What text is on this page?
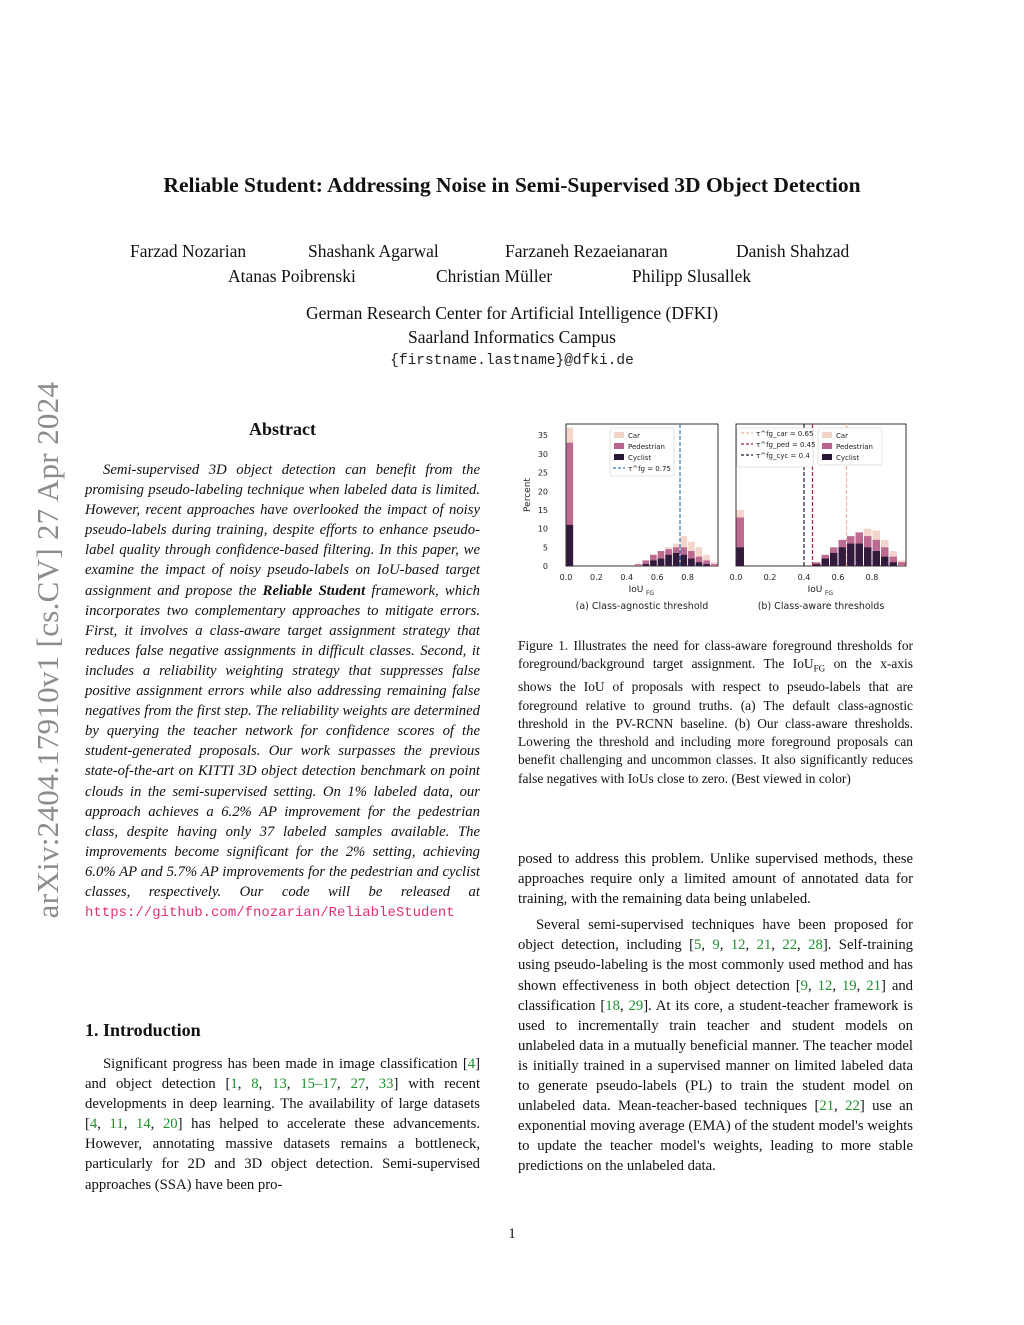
arXiv:2404.17910v1 [cs.CV] 27 Apr 2024
Reliable Student: Addressing Noise in Semi-Supervised 3D Object Detection
Farzad Nozarian	Shashank Agarwal	Farzaneh Rezaeianaran	Danish Shahzad
Atanas Poibrenski	Christian Müller	Philipp Slusallek
German Research Center for Artificial Intelligence (DFKI)
Saarland Informatics Campus
{firstname.lastname}@dfki.de
Abstract

Semi-supervised 3D object detection can benefit from the promising pseudo-labeling technique when labeled data is limited. However, recent approaches have overlooked the impact of noisy pseudo-labels during training, despite efforts to enhance pseudo-label quality through confidence-based filtering. In this paper, we examine the impact of noisy pseudo-labels on IoU-based target assignment and propose the Reliable Student framework, which incorporates two complementary approaches to mitigate errors. First, it involves a class-aware target assignment strategy that reduces false negative assignments in difficult classes. Second, it includes a reliability weighting strategy that suppresses false positive assignment errors while also addressing remaining false negatives from the first step. The reliability weights are determined by querying the teacher network for confidence scores of the student-generated proposals. Our work surpasses the previous state-of-the-art on KITTI 3D object detection benchmark on point clouds in the semi-supervised setting. On 1% labeled data, our approach achieves a 6.2% AP improvement for the pedestrian class, despite having only 37 labeled samples available. The improvements become significant for the 2% setting, achieving 6.0% AP and 5.7% AP improvements for the pedestrian and cyclist classes, respectively. Our code will be released at https://github.com/fnozarian/ReliableStudent

1. Introduction

Significant progress has been made in image classification [4] and object detection [1, 8, 13, 15–17, 27, 33] with recent developments in deep learning. The availability of large datasets [4, 11, 14, 20] has helped to accelerate these advancements. However, annotating massive datasets remains a bottleneck, particularly for 2D and 3D object detection. Semi-supervised approaches (SSA) have been pro-

0
5
10
15
20
25
30
35
Percent
0.0 0.2 0.4 0.6 0.8
IoU FG
(a) Class-agnostic threshold
Car
Pedestrian
Cyclist
τ^fg = 0.75
0.0	0.2	0.4	0.6	0.8
IoU FG
(b) Class-aware thresholds
Car
Pedestrian
Cyclist
τ^fg_car = 0.65
τ^fg_ped = 0.45
τ^fg_cyc = 0.4

Figure 1. Illustrates the need for class-aware foreground thresholds for foreground/background target assignment. The IoU$_{FG}$ on the x-axis shows the IoU of proposals with respect to pseudo-labels that are foreground relative to ground truths. (a) The default class-agnostic threshold in the PV-RCNN baseline. (b) Our class-aware thresholds. Lowering the threshold and including more foreground proposals can benefit challenging and uncommon classes. It also significantly reduces false negatives with IoUs close to zero. (Best viewed in color)

posed to address this problem. Unlike supervised methods, these approaches require only a limited amount of annotated data for training, with the remaining data being unlabeled.

Several semi-supervised techniques have been proposed for object detection, including [5, 9, 12, 21, 22, 28]. Self-training using pseudo-labeling is the most commonly used method and has shown effectiveness in both object detection [9, 12, 19, 21] and classification [18, 29]. At its core, a student-teacher framework is used to incrementally train teacher and student models on unlabeled data in a mutually beneficial manner. The teacher model is initially trained in a supervised manner on limited labeled data to generate pseudo-labels (PL) to train the student model on unlabeled data. Mean-teacher-based techniques [21, 22] use an exponential moving average (EMA) of the student model's weights to update the teacher model's weights, leading to more stable predictions on the unlabeled data.

1
